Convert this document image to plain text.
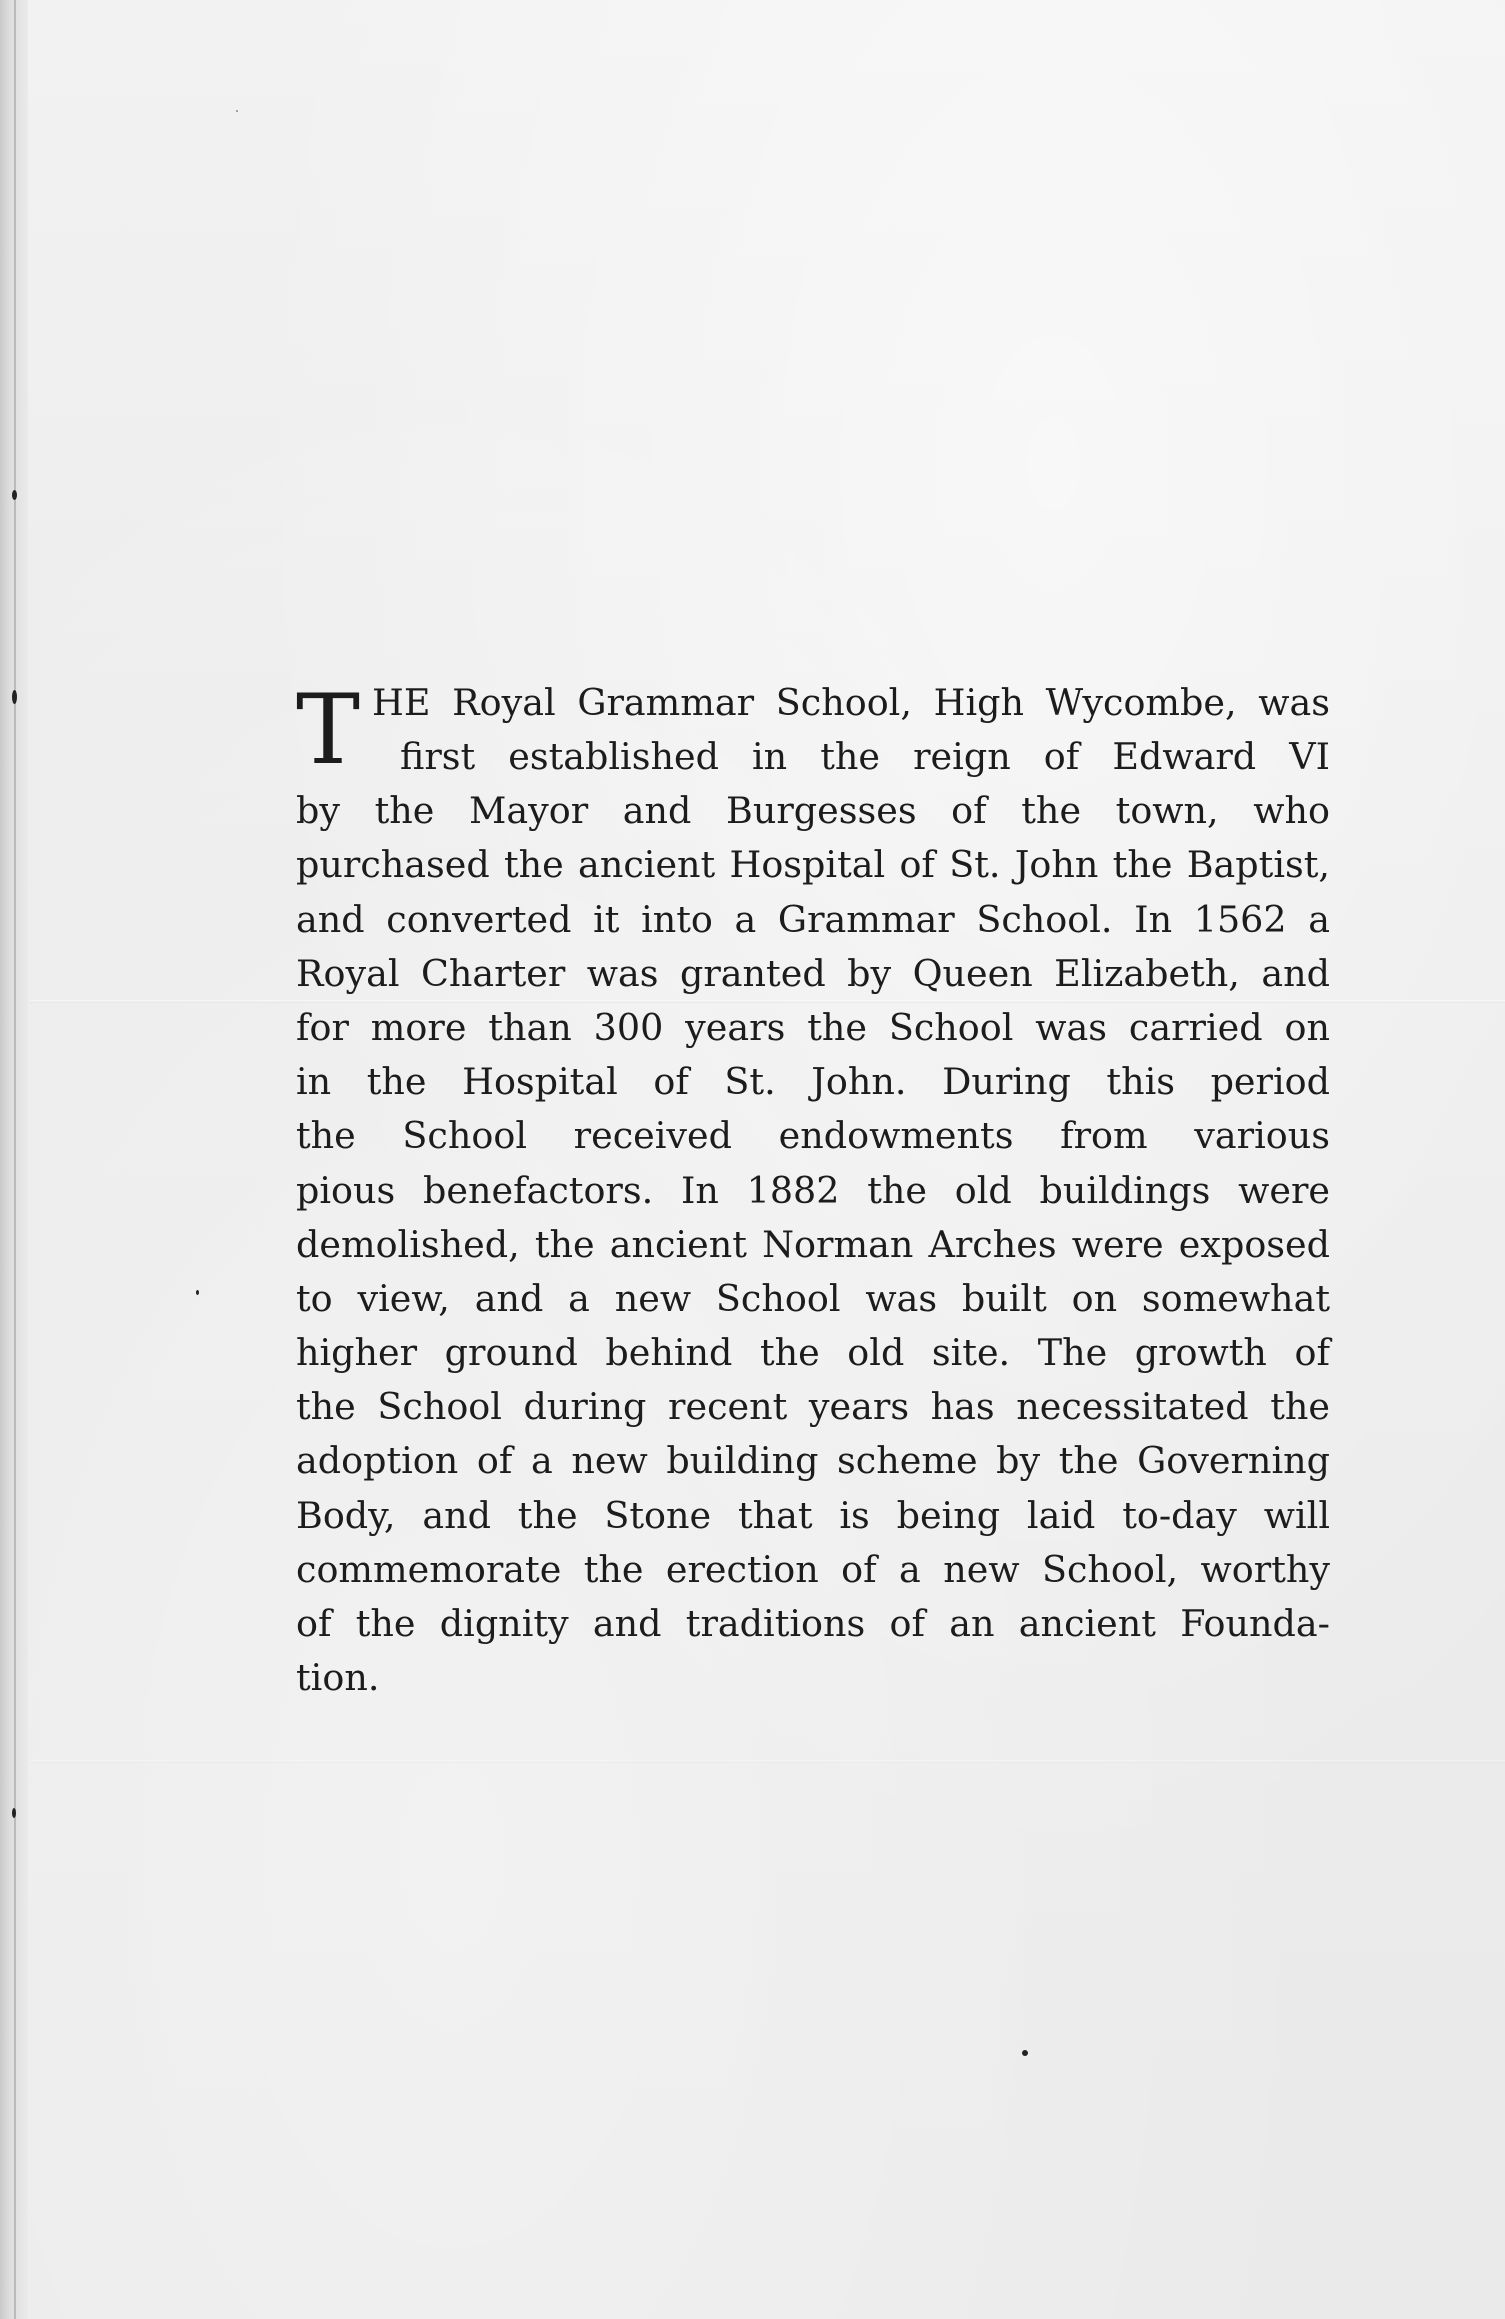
T HE Royal Grammar School, High Wycombe, was
first established in the reign of Edward VI
by the Mayor and Burgesses of the town, who
purchased the ancient Hospital of St. John the Baptist,
and converted it into a Grammar School. In 1562 a
Royal Charter was granted by Queen Elizabeth, and
for more than 300 years the School was carried on
in the Hospital of St. John. During this period
the School received endowments from various
pious benefactors. In 1882 the old buildings were
demolished, the ancient Norman Arches were exposed
to view, and a new School was built on somewhat
higher ground behind the old site. The growth of
the School during recent years has necessitated the
adoption of a new building scheme by the Governing
Body, and the Stone that is being laid to-day will
commemorate the erection of a new School, worthy
of the dignity and traditions of an ancient Founda-
tion.
